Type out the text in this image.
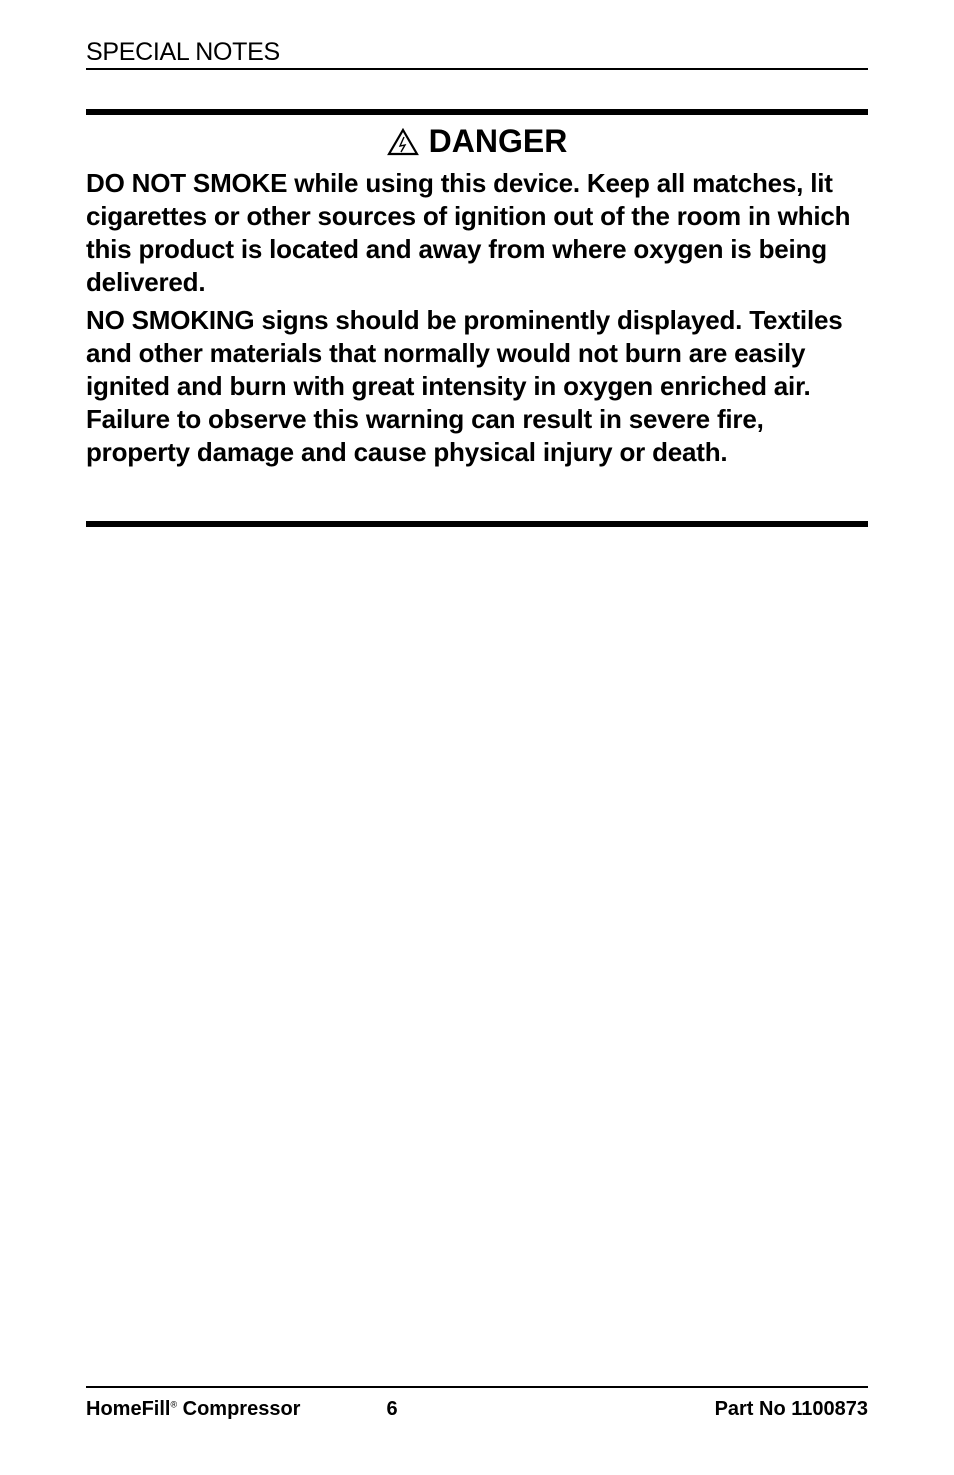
SPECIAL NOTES
DANGER

DO NOT SMOKE while using this device. Keep all matches, lit cigarettes or other sources of ignition out of the room in which this product is located and away from where oxygen is being delivered.

NO SMOKING signs should be prominently displayed. Textiles and other materials that normally would not burn are easily ignited and burn with great intensity in oxygen enriched air. Failure to observe this warning can result in severe fire, property damage and cause physical injury or death.

HomeFill® Compressor	6	Part No 1100873
